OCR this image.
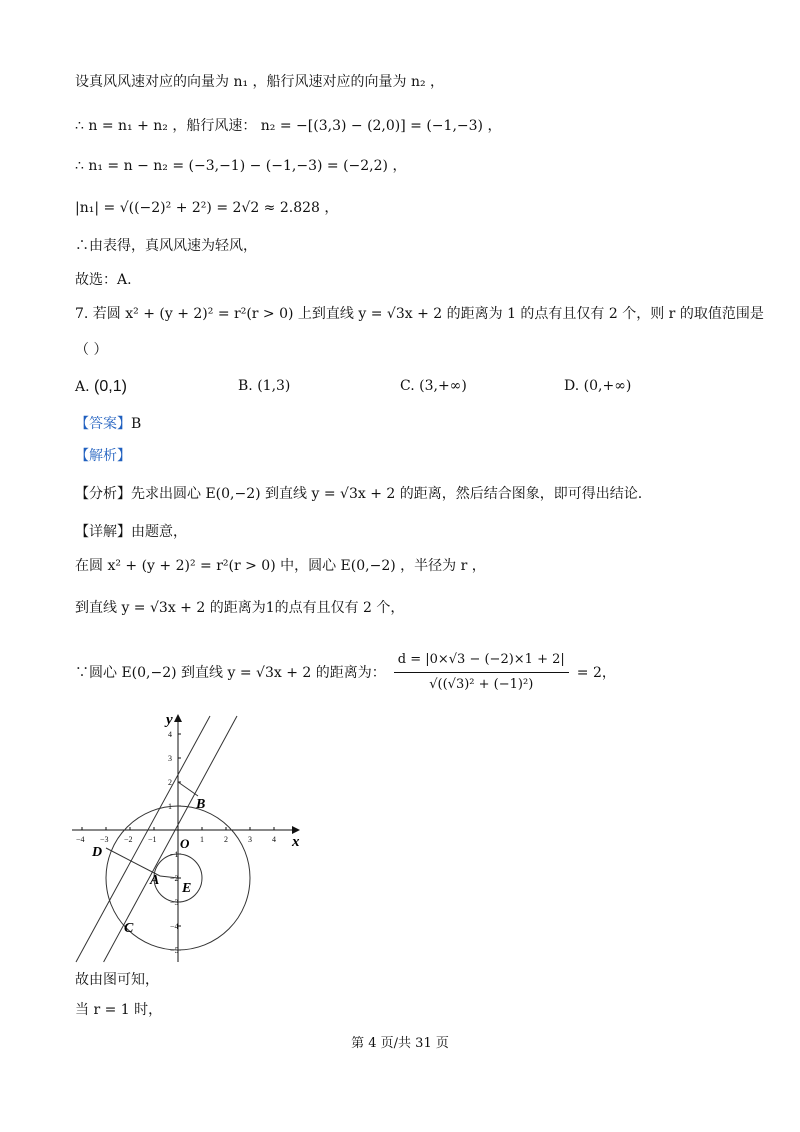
设真风风速对应的向量为 n₁ ，船行风速对应的向量为 n₂ ，
∴ n = n₁ + n₂ ，船行风速： n₂ = −[(3,3) − (2,0)] = (−1,−3) ，
∴ n₁ = n − n₂ = (−3,−1) − (−1,−3) = (−2,2) ，
|n₁| = √((−2)² + 2²) = 2√2 ≈ 2.828 ，
∴由表得，真风风速为轻风，
故选：A.
7. 若圆 x² + (y + 2)² = r²(r > 0) 上到直线 y = √3x + 2 的距离为 1 的点有且仅有 2 个，则 r 的取值范围是
（ ）
A. (0,1)	B. (1,3)	C. (3,+∞)	D. (0,+∞)
【答案】B
【解析】
【分析】先求出圆心 E(0,−2) 到直线 y = √3x + 2 的距离，然后结合图象，即可得出结论.
【详解】由题意，
在圆 x² + (y + 2)² = r²(r > 0) 中，圆心 E(0,−2) ，半径为 r ，
到直线 y = √3x + 2 的距离为1的点有且仅有 2 个，
∵圆心 E(0,−2) 到直线 y = √3x + 2 的距离为： $\frac{d = |0\times√3 - (-2)\times 1 + 2|}{\text{√((√3)² + (−1)²)}} = 2$，
−4 −3 −2 −1	1	2	3	4
4
3
2
1
−1
−2
−3
−4
−5
x
y
O
B
D
A
E
C
故由图可知，
当 r = 1 时，
第 4 页/共 31 页
